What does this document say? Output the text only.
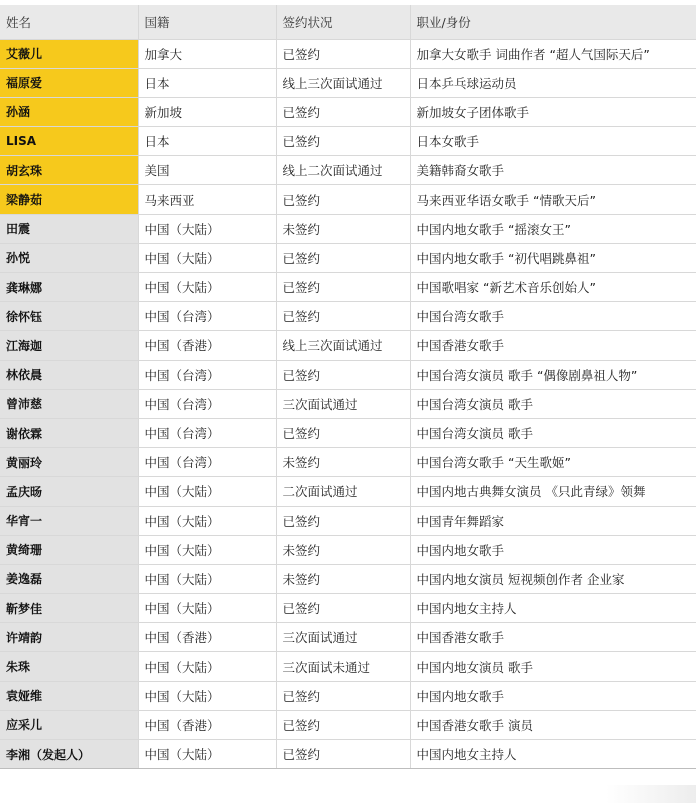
姓名	国籍	签约状况	职业/身份
艾薇儿	加拿大	已签约	加拿大女歌手 词曲作者 “超人气国际天后”
福原爱	日本	线上三次面试通过	日本乒乓球运动员
孙涵	新加坡	已签约	新加坡女子团体歌手
LISA	日本	已签约	日本女歌手
胡玄珠	美国	线上二次面试通过	美籍韩裔女歌手
梁静茹	马来西亚	已签约	马来西亚华语女歌手 “情歌天后”
田震	中国（大陆）	未签约	中国内地女歌手 “摇滚女王”
孙悦	中国（大陆）	已签约	中国内地女歌手 “初代唱跳鼻祖”
龚琳娜	中国（大陆）	已签约	中国歌唱家 “新艺术音乐创始人”
徐怀钰	中国（台湾）	已签约	中国台湾女歌手
江海迦	中国（香港）	线上三次面试通过	中国香港女歌手
林依晨	中国（台湾）	已签约	中国台湾女演员 歌手 “偶像剧鼻祖人物”
曾沛慈	中国（台湾）	三次面试通过	中国台湾女演员 歌手
谢依霖	中国（台湾）	已签约	中国台湾女演员 歌手
黄丽玲	中国（台湾）	未签约	中国台湾女歌手 “天生歌姬”
孟庆旸	中国（大陆）	二次面试通过	中国内地古典舞女演员 《只此青绿》领舞
华宵一	中国（大陆）	已签约	中国青年舞蹈家
黄绮珊	中国（大陆）	未签约	中国内地女歌手
姜逸磊	中国（大陆）	未签约	中国内地女演员 短视频创作者 企业家
靳梦佳	中国（大陆）	已签约	中国内地女主持人
许靖韵	中国（香港）	三次面试通过	中国香港女歌手
朱珠	中国（大陆）	三次面试未通过	中国内地女演员 歌手
袁娅维	中国（大陆）	已签约	中国内地女歌手
应采儿	中国（香港）	已签约	中国香港女歌手 演员
李湘（发起人）	中国（大陆）	已签约	中国内地女主持人
